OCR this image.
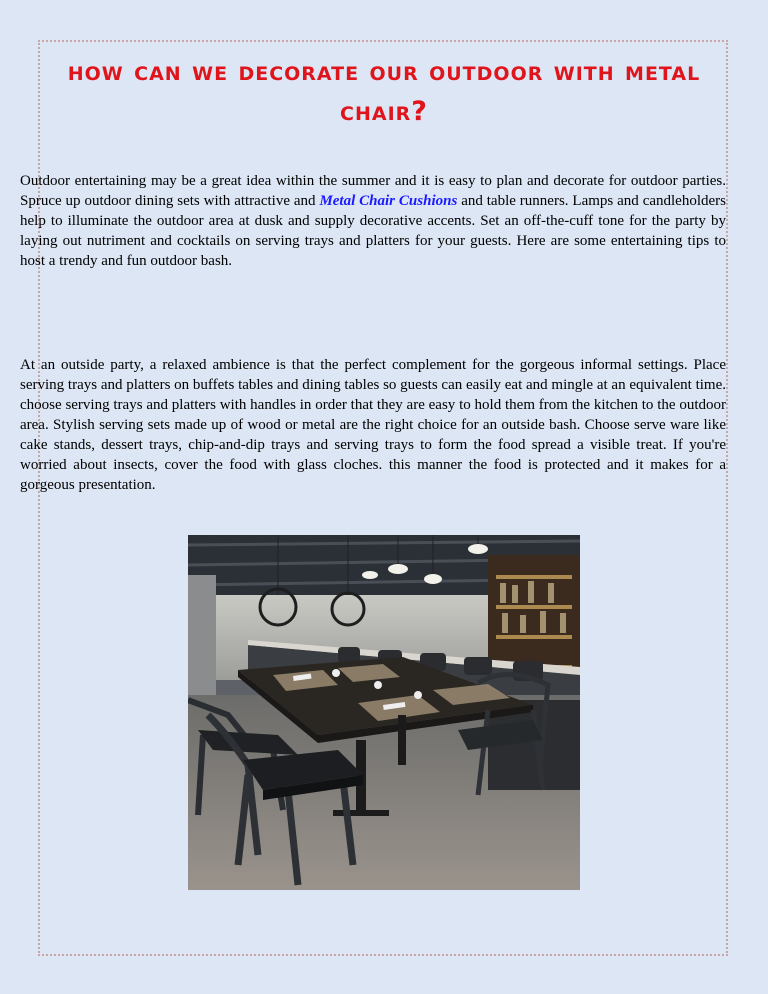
how can we decorate our outdoor with metal chair?

Outdoor entertaining may be a great idea within the summer and it is easy to plan and decorate for outdoor parties. Spruce up outdoor dining sets with attractive and Metal Chair Cushions and table runners. Lamps and candleholders help to illuminate the outdoor area at dusk and supply decorative accents. Set an off-the-cuff tone for the party by laying out nutriment and cocktails on serving trays and platters for your guests. Here are some entertaining tips to host a trendy and fun outdoor bash.

At an outside party, a relaxed ambience is that the perfect complement for the gorgeous informal settings. Place serving trays and platters on buffets tables and dining tables so guests can easily eat and mingle at an equivalent time. choose serving trays and platters with handles in order that they are easy to hold them from the kitchen to the outdoor area. Stylish serving sets made up of wood or metal are the right choice for an outside bash. Choose serve ware like cake stands, dessert trays, chip-and-dip trays and serving trays to form the food spread a visible treat. If you're worried about insects, cover the food with glass cloches. this manner the food is protected and it makes for a gorgeous presentation.
